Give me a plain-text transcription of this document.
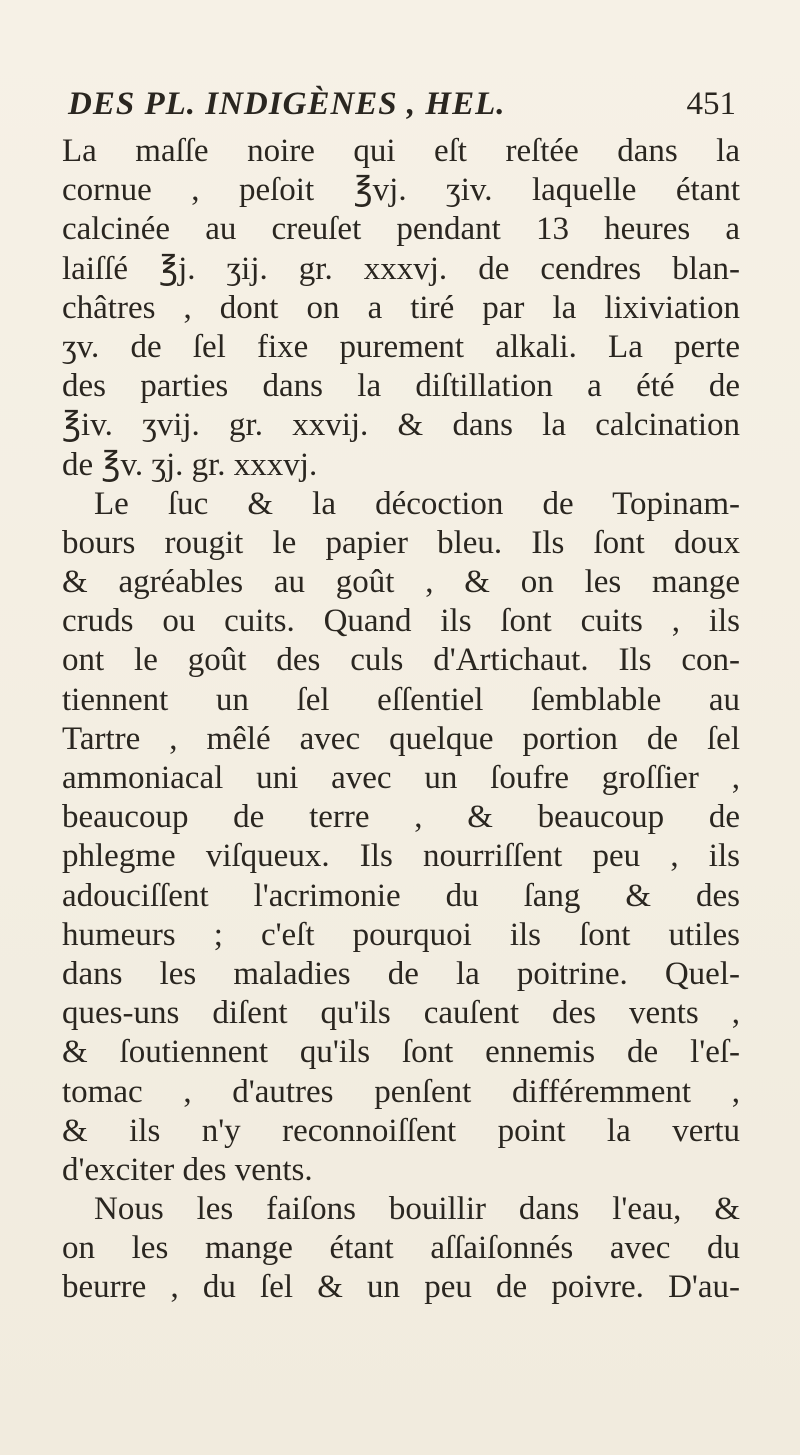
DES PL. INDIGÈNES , HEL.	451
La maſſe noire qui eſt reſtée dans la
cornue , peſoit ℥vj. ʒiv. laquelle étant
calcinée au creuſet pendant 13 heures a
laiſſé ℥j. ʒij. gr. xxxvj. de cendres blan-
châtres , dont on a tiré par la lixiviation
ʒv. de ſel fixe purement alkali. La perte
des parties dans la diſtillation a été de
℥iv. ʒvij. gr. xxvij. & dans la calcination
de ℥v. ʒj. gr. xxxvj.
Le ſuc & la décoction de Topinam-
bours rougit le papier bleu. Ils ſont doux
& agréables au goût , & on les mange
cruds ou cuits. Quand ils ſont cuits , ils
ont le goût des culs d'Artichaut. Ils con-
tiennent un ſel eſſentiel ſemblable au
Tartre , mêlé avec quelque portion de ſel
ammoniacal uni avec un ſoufre groſſier ,
beaucoup de terre , & beaucoup de
phlegme viſqueux. Ils nourriſſent peu , ils
adouciſſent l'acrimonie du ſang & des
humeurs ; c'eſt pourquoi ils ſont utiles
dans les maladies de la poitrine. Quel-
ques-uns diſent qu'ils cauſent des vents ,
& ſoutiennent qu'ils ſont ennemis de l'eſ-
tomac , d'autres penſent différemment ,
& ils n'y reconnoiſſent point la vertu
d'exciter des vents.
Nous les faiſons bouillir dans l'eau, &
on les mange étant aſſaiſonnés avec du
beurre , du ſel & un peu de poivre. D'au-
